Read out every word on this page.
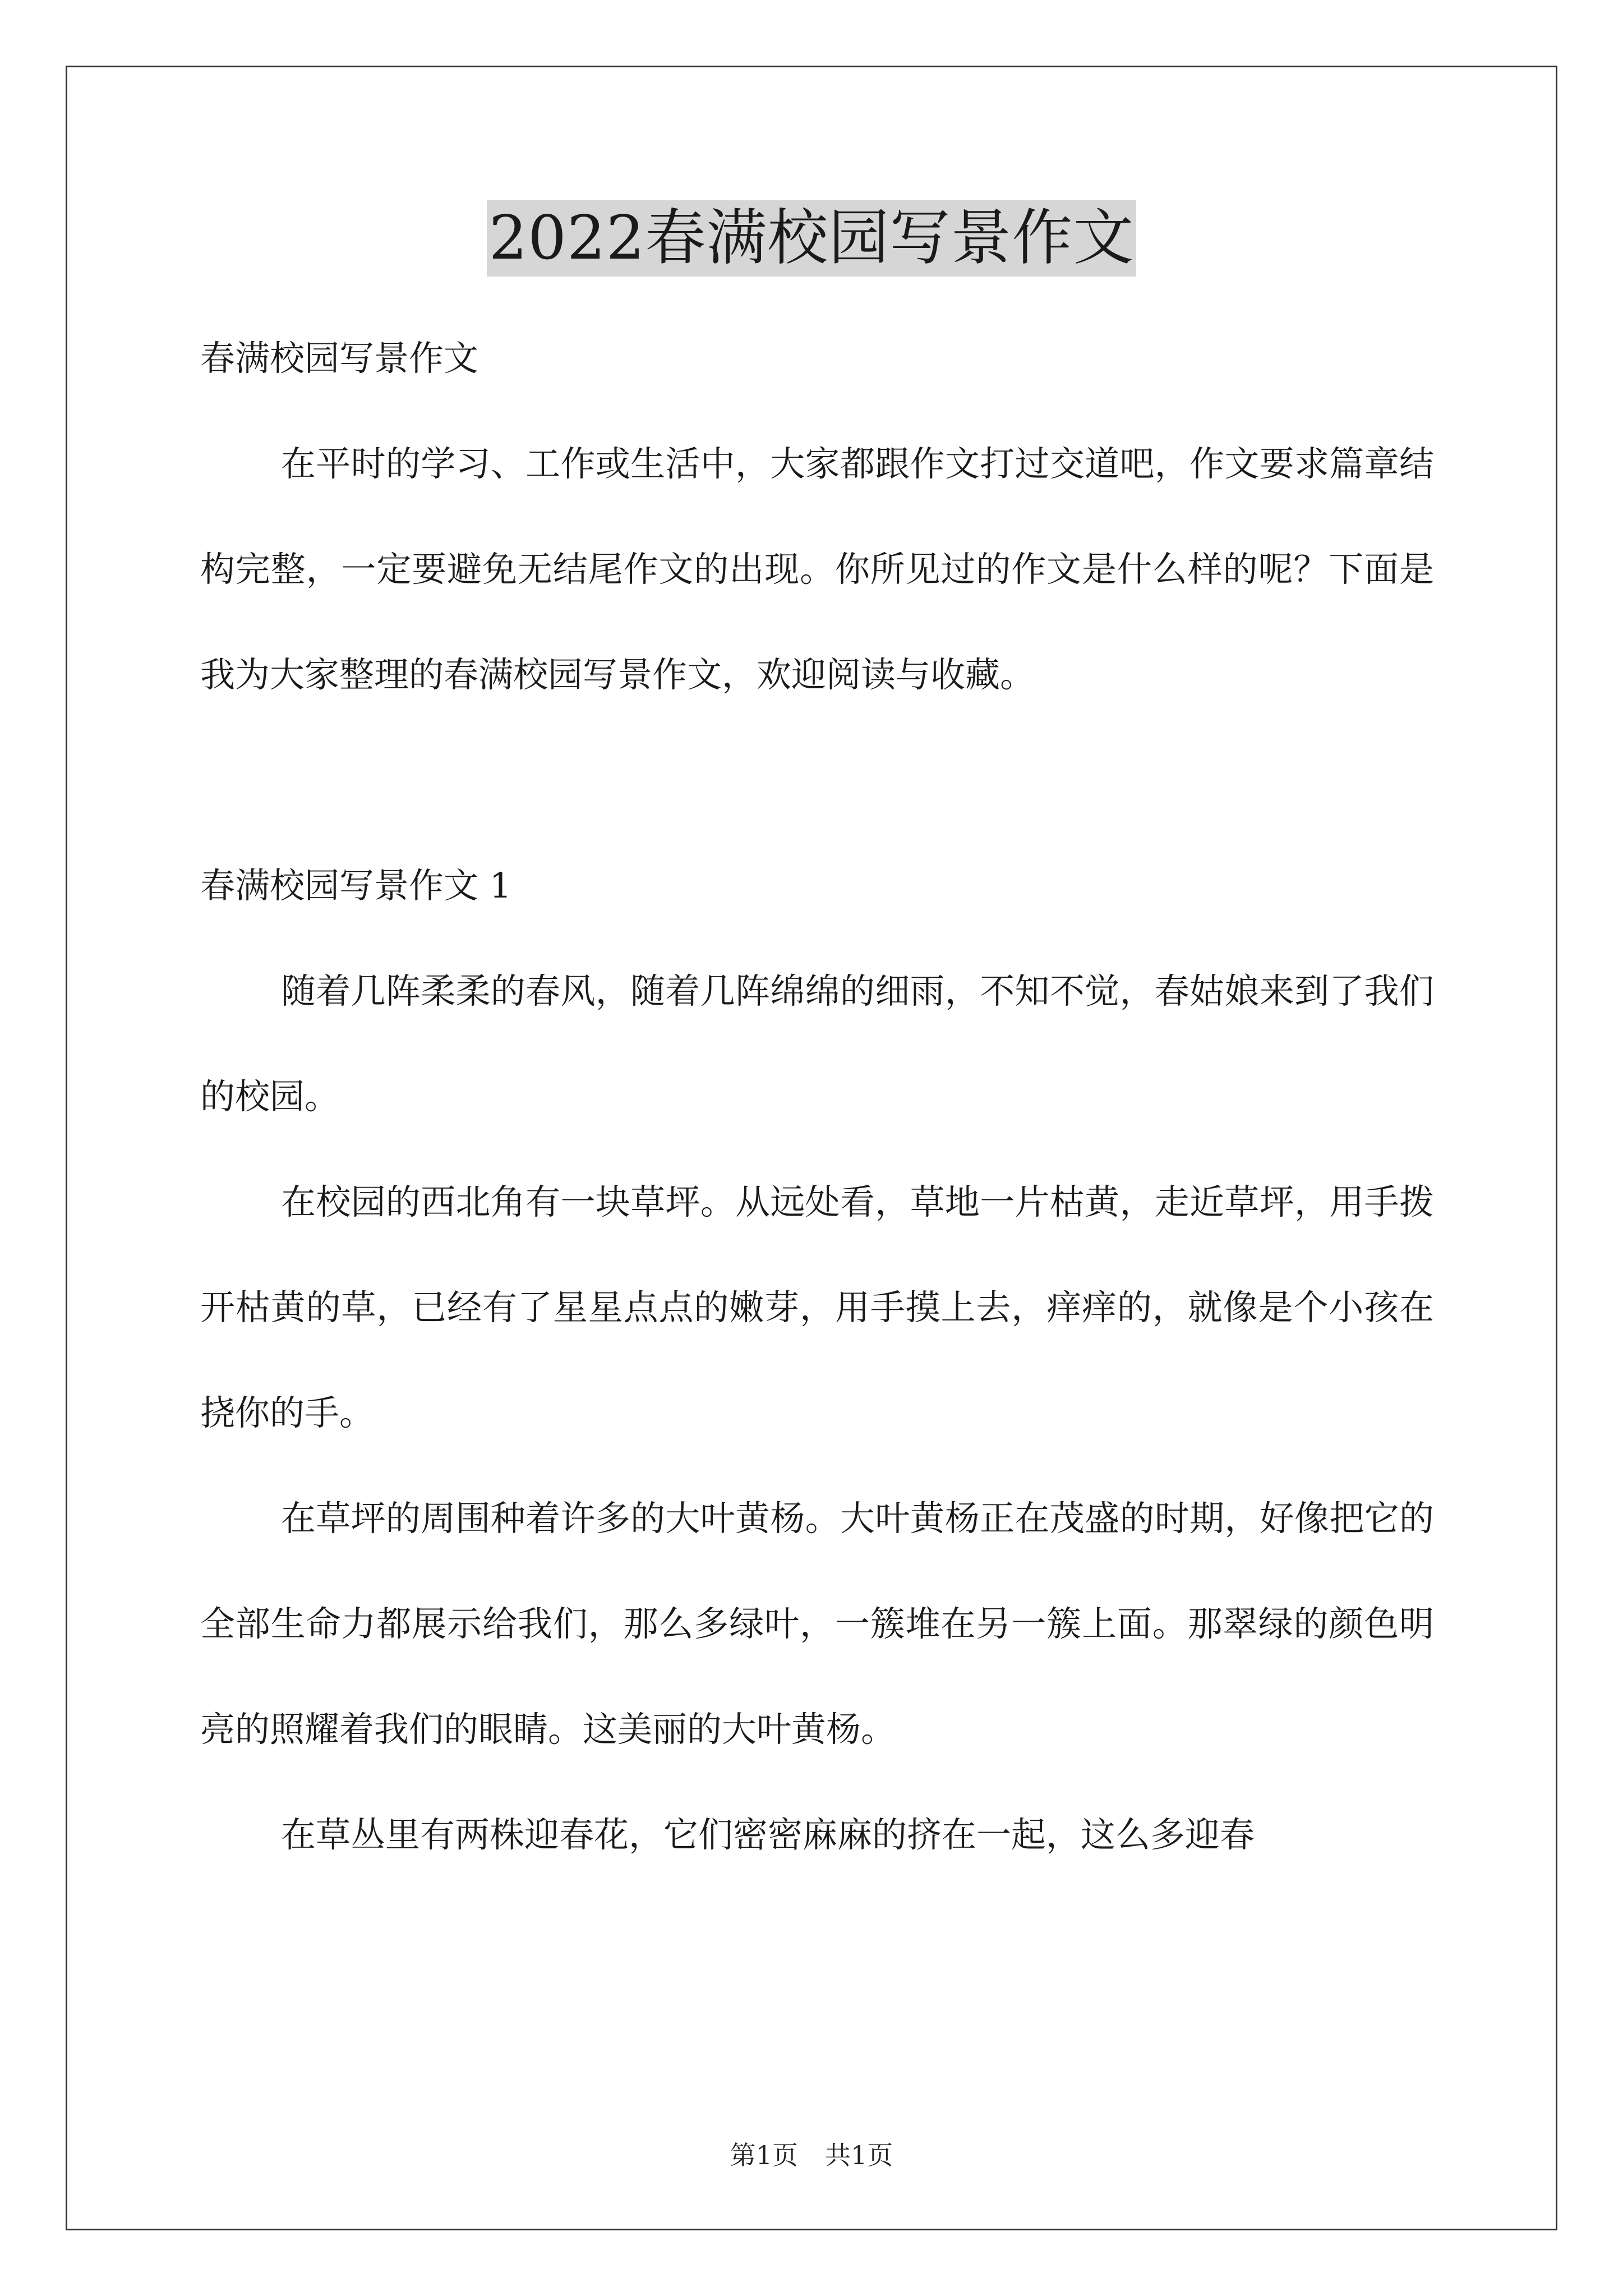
2022春满校园写景作文

春满校园写景作文

在平时的学习、工作或生活中，大家都跟作文打过交道吧，作文要求篇章结构完整，一定要避免无结尾作文的出现。你所见过的作文是什么样的呢？下面是我为大家整理的春满校园写景作文，欢迎阅读与收藏。

春满校园写景作文 1

随着几阵柔柔的春风，随着几阵绵绵的细雨，不知不觉，春姑娘来到了我们的校园。

在校园的西北角有一块草坪。从远处看，草地一片枯黄，走近草坪，用手拨开枯黄的草，已经有了星星点点的嫩芽，用手摸上去，痒痒的，就像是个小孩在挠你的手。

在草坪的周围种着许多的大叶黄杨。大叶黄杨正在茂盛的时期，好像把它的全部生命力都展示给我们，那么多绿叶，一簇堆在另一簇上面。那翠绿的颜色明亮的照耀着我们的眼睛。这美丽的大叶黄杨。

在草丛里有两株迎春花，它们密密麻麻的挤在一起，这么多迎春

第1页 共1页
